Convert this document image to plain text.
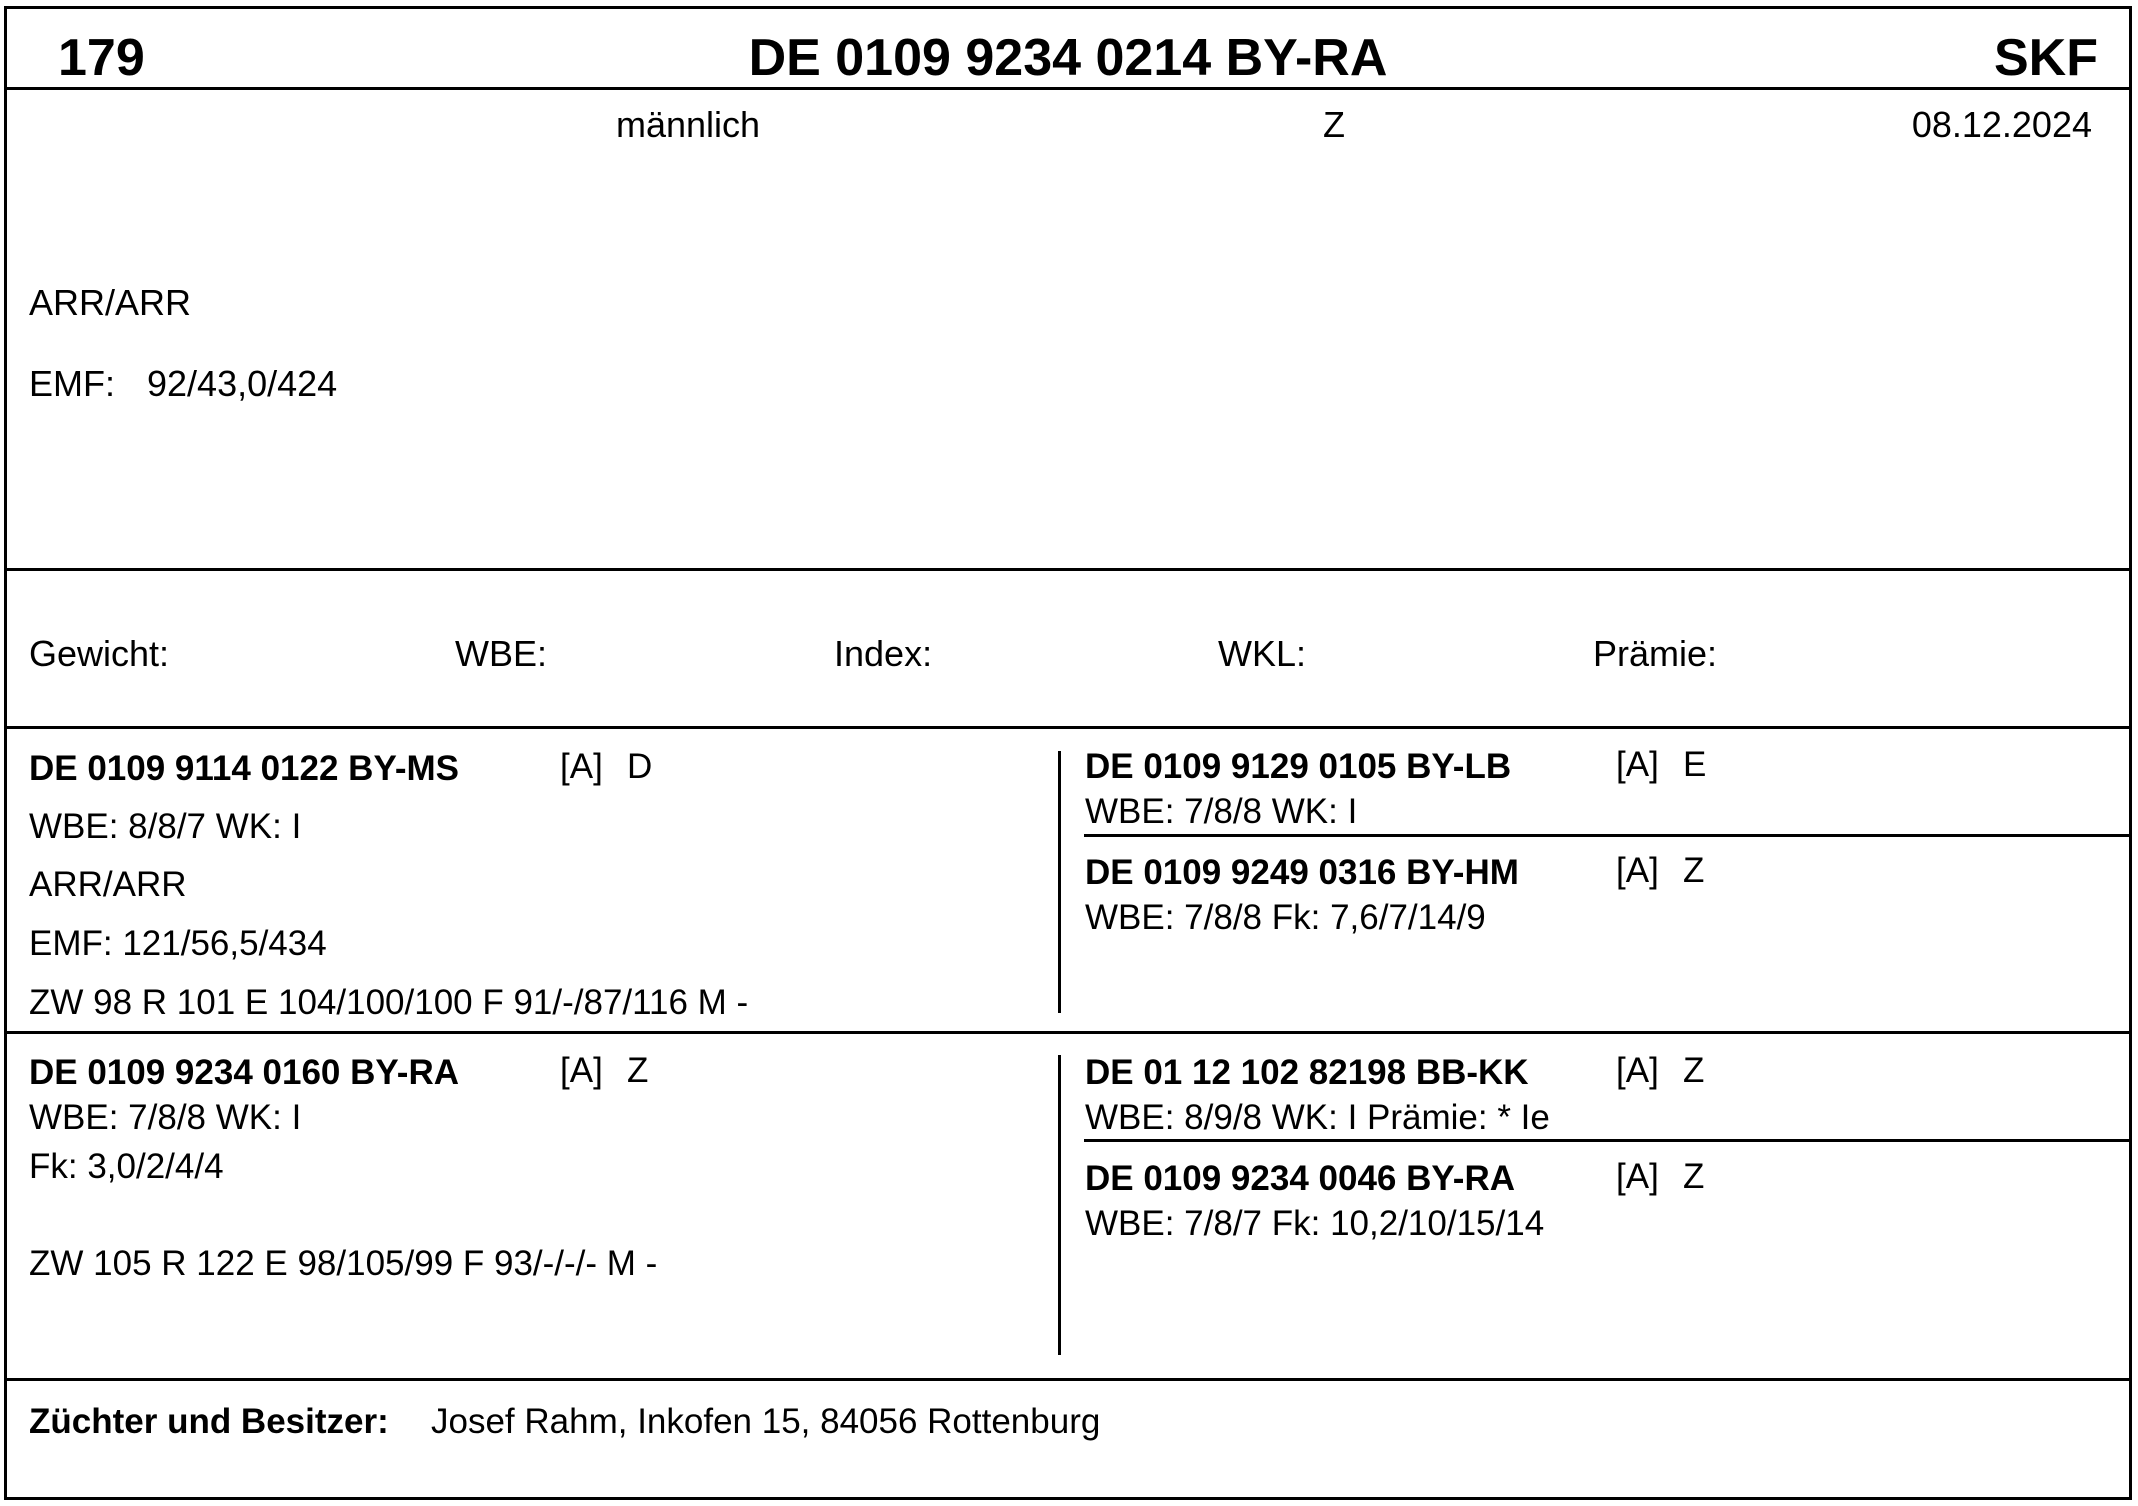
179	DE 0109 9234 0214 BY-RA	SKF
männlich	Z	08.12.2024
ARR/ARR
EMF: 92/43,0/424
Gewicht:	WBE:	Index:	WKL:	Prämie:
DE 0109 9114 0122 BY-MS	[A] D
WBE: 8/8/7 WK: I
ARR/ARR
EMF: 121/56,5/434
ZW 98 R 101 E 104/100/100 F 91/-/87/116 M -
DE 0109 9129 0105 BY-LB	[A] E
WBE: 7/8/8 WK: I
DE 0109 9249 0316 BY-HM	[A] Z
WBE: 7/8/8 Fk: 7,6/7/14/9
DE 0109 9234 0160 BY-RA	[A] Z
WBE: 7/8/8 WK: I
Fk: 3,0/2/4/4
ZW 105 R 122 E 98/105/99 F 93/-/-/- M -
DE 01 12 102 82198 BB-KK [A] Z
WBE: 8/9/8 WK: I Prämie: * Ie
DE 0109 9234 0046 BY-RA	[A] Z
WBE: 7/8/7 Fk: 10,2/10/15/14
Züchter und Besitzer: Josef Rahm, Inkofen 15, 84056 Rottenburg
